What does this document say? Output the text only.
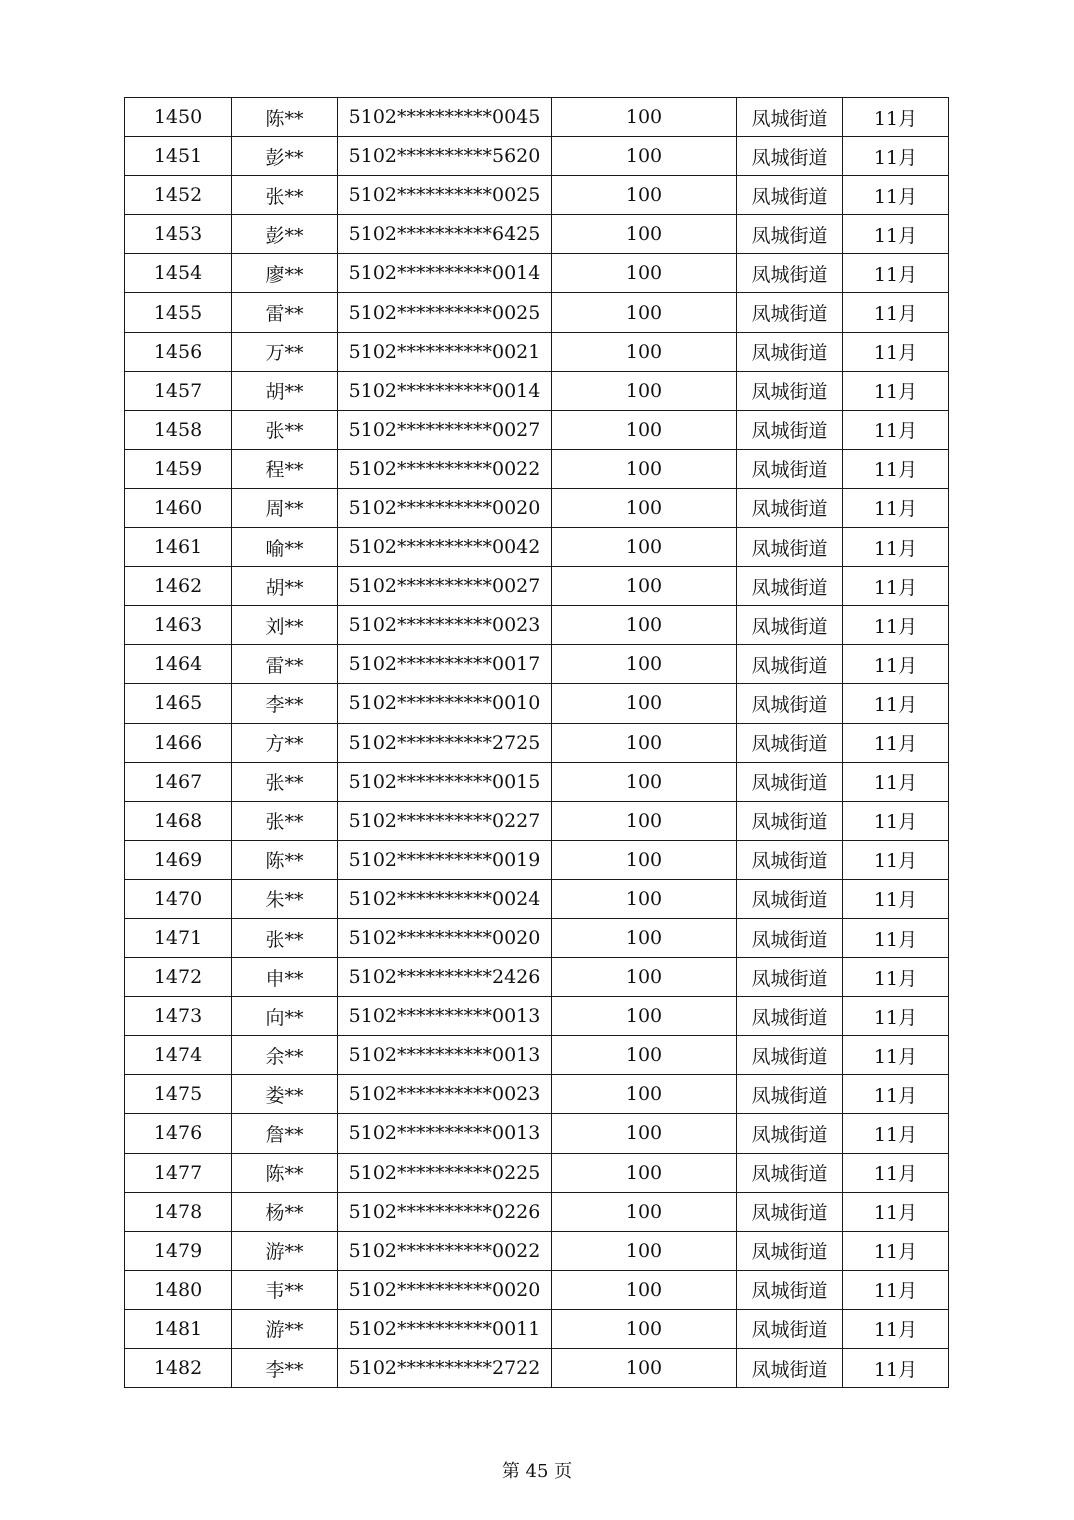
1450	陈**	5102**********0045	100	凤城街道	11月
1451	彭**	5102**********5620	100	凤城街道	11月
1452	张**	5102**********0025	100	凤城街道	11月
1453	彭**	5102**********6425	100	凤城街道	11月
1454	廖**	5102**********0014	100	凤城街道	11月
1455	雷**	5102**********0025	100	凤城街道	11月
1456	万**	5102**********0021	100	凤城街道	11月
1457	胡**	5102**********0014	100	凤城街道	11月
1458	张**	5102**********0027	100	凤城街道	11月
1459	程**	5102**********0022	100	凤城街道	11月
1460	周**	5102**********0020	100	凤城街道	11月
1461	喻**	5102**********0042	100	凤城街道	11月
1462	胡**	5102**********0027	100	凤城街道	11月
1463	刘**	5102**********0023	100	凤城街道	11月
1464	雷**	5102**********0017	100	凤城街道	11月
1465	李**	5102**********0010	100	凤城街道	11月
1466	方**	5102**********2725	100	凤城街道	11月
1467	张**	5102**********0015	100	凤城街道	11月
1468	张**	5102**********0227	100	凤城街道	11月
1469	陈**	5102**********0019	100	凤城街道	11月
1470	朱**	5102**********0024	100	凤城街道	11月
1471	张**	5102**********0020	100	凤城街道	11月
1472	申**	5102**********2426	100	凤城街道	11月
1473	向**	5102**********0013	100	凤城街道	11月
1474	余**	5102**********0013	100	凤城街道	11月
1475	娄**	5102**********0023	100	凤城街道	11月
1476	詹**	5102**********0013	100	凤城街道	11月
1477	陈**	5102**********0225	100	凤城街道	11月
1478	杨**	5102**********0226	100	凤城街道	11月
1479	游**	5102**********0022	100	凤城街道	11月
1480	韦**	5102**********0020	100	凤城街道	11月
1481	游**	5102**********0011	100	凤城街道	11月
1482	李**	5102**********2722	100	凤城街道	11月
第 45 页
